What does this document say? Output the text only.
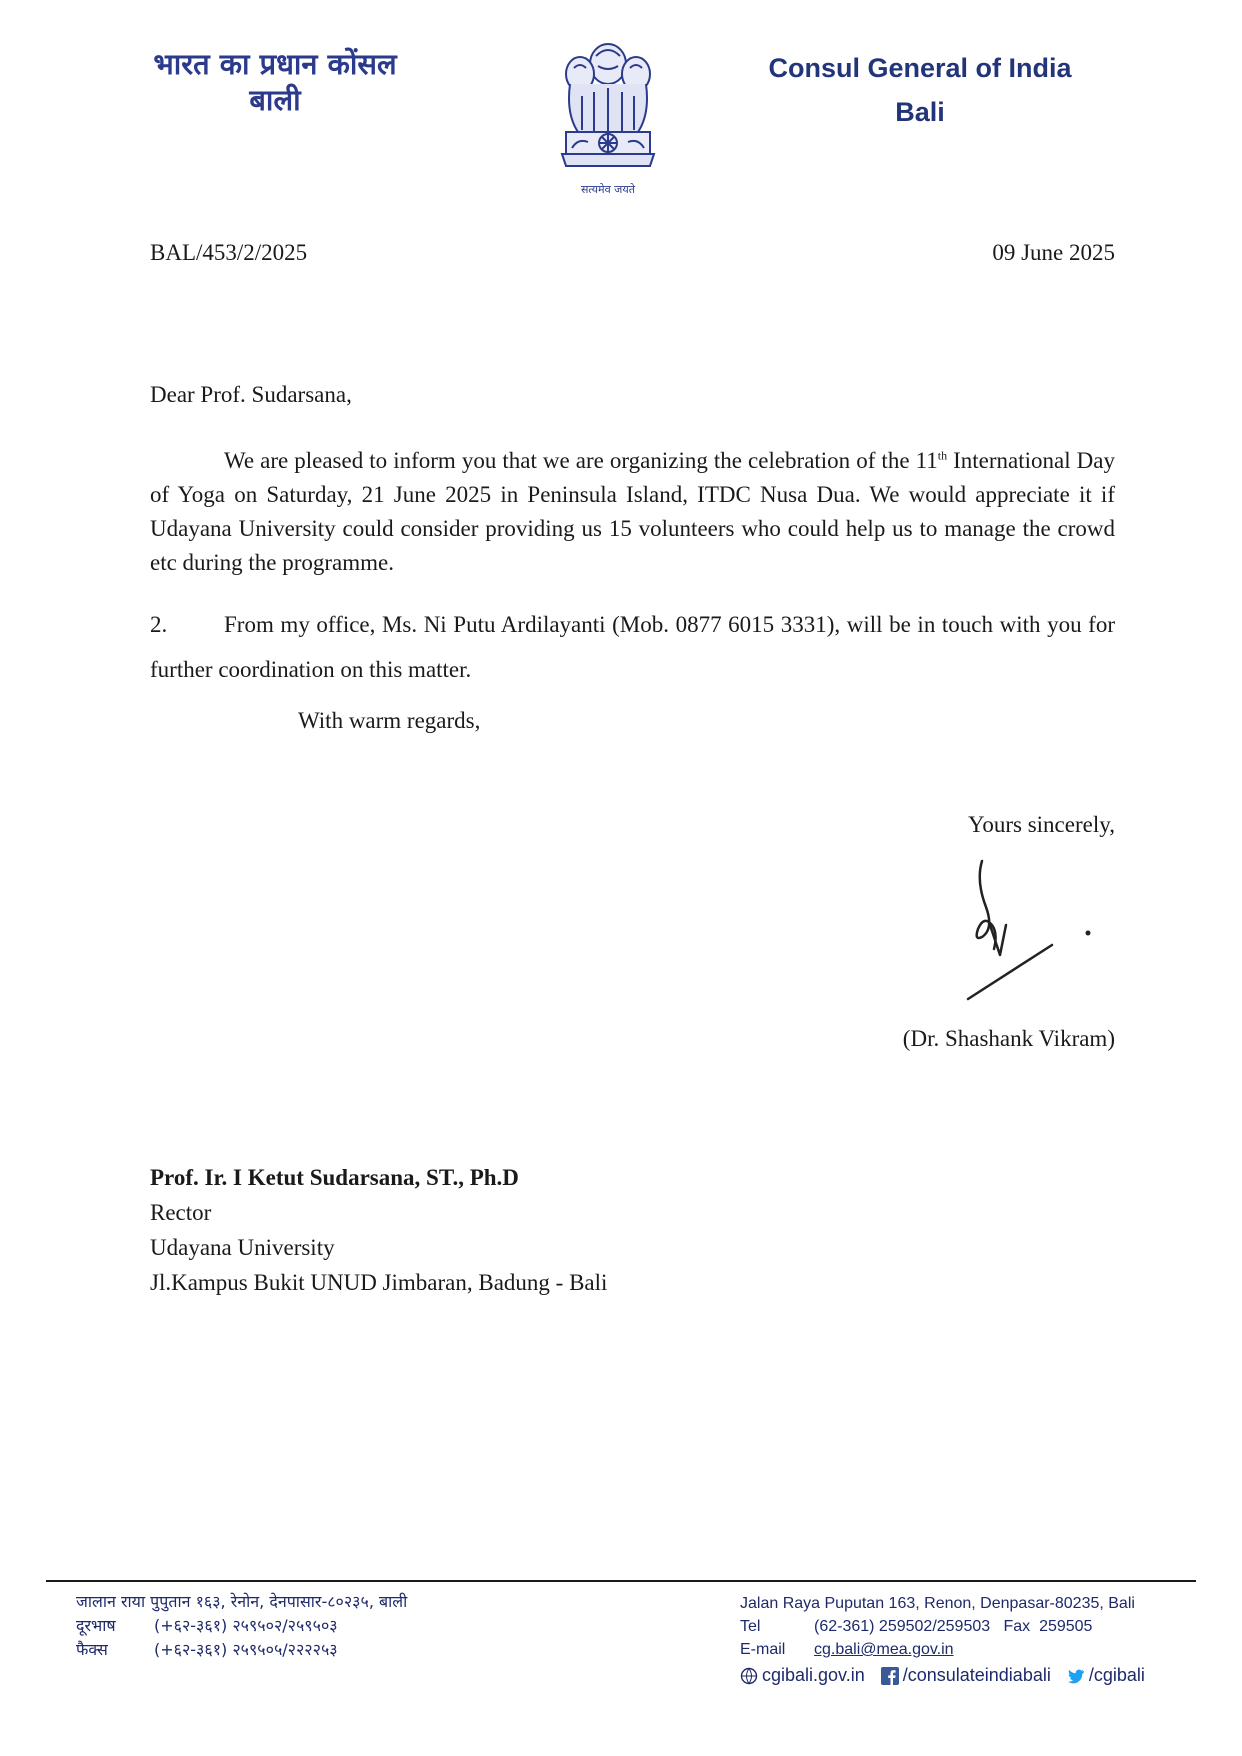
भारत का प्रधान कोंसल
बाली
सत्यमेव जयते
Consul General of India
Bali
BAL/453/2/2025	09 June 2025
Dear Prof. Sudarsana,
We are pleased to inform you that we are organizing the celebration of the 11th International Day of Yoga on Saturday, 21 June 2025 in Peninsula Island, ITDC Nusa Dua. We would appreciate it if Udayana University could consider providing us 15 volunteers who could help us to manage the crowd etc during the programme.
2. From my office, Ms. Ni Putu Ardilayanti (Mob. 0877 6015 3331), will be in touch with you for further coordination on this matter.
With warm regards,
Yours sincerely,
(Dr. Shashank Vikram)
Prof. Ir. I Ketut Sudarsana, ST., Ph.D
Rector
Udayana University
Jl.Kampus Bukit UNUD Jimbaran, Badung - Bali
जालान राया पुपुतान १६३, रेनोन, देनपासार-८०२३५, बाली
दूरभाष (+६२-३६१) २५९५०२/२५९५०३
फैक्स	(+६२-३६१) २५९५०५/२२२२५३
Jalan Raya Puputan 163, Renon, Denpasar-80235, Bali
Tel	(62-361) 259502/259503 Fax 259505
E-mail cg.bali@mea.gov.in
cgibali.gov.in /consulateindiabali /cgibali
